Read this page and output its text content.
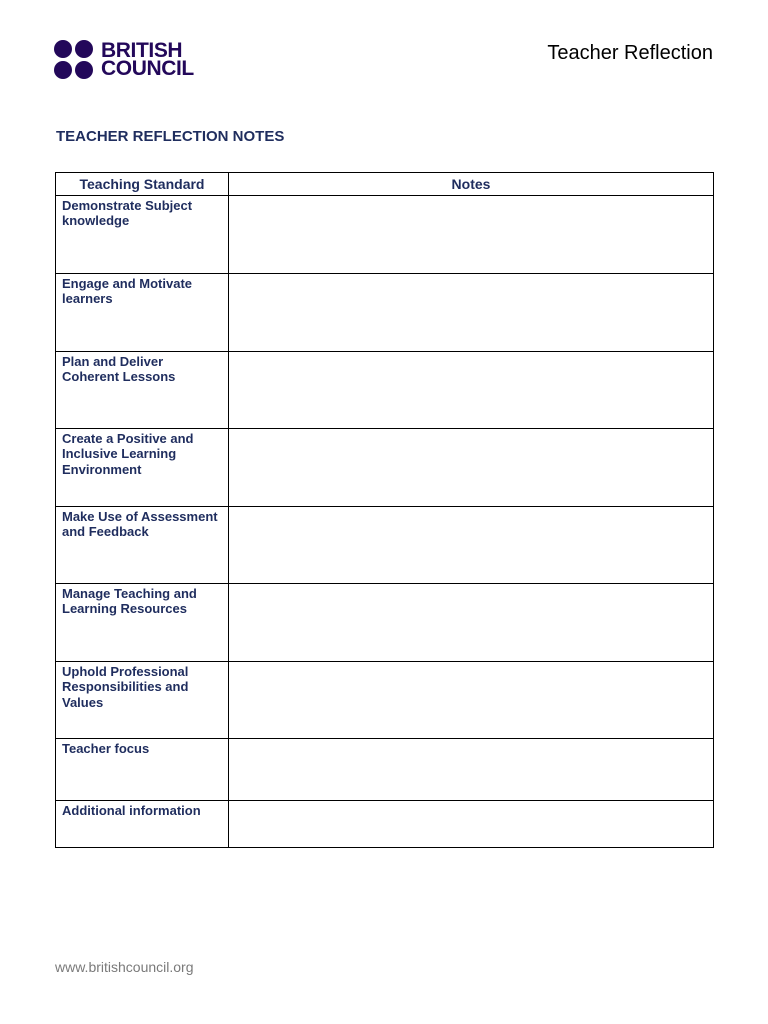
BRITISH
COUNCIL
Teacher Reflection
TEACHER REFLECTION NOTES
Teaching Standard	Notes

Demonstrate Subject knowledge	

Engage and Motivate learners	

Plan and Deliver Coherent Lessons	

Create a Positive and Inclusive Learning Environment	

Make Use of Assessment and Feedback	

Manage Teaching and Learning Resources	

Uphold Professional Responsibilities and Values	

Teacher focus	

Additional information	

www.britishcouncil.org
